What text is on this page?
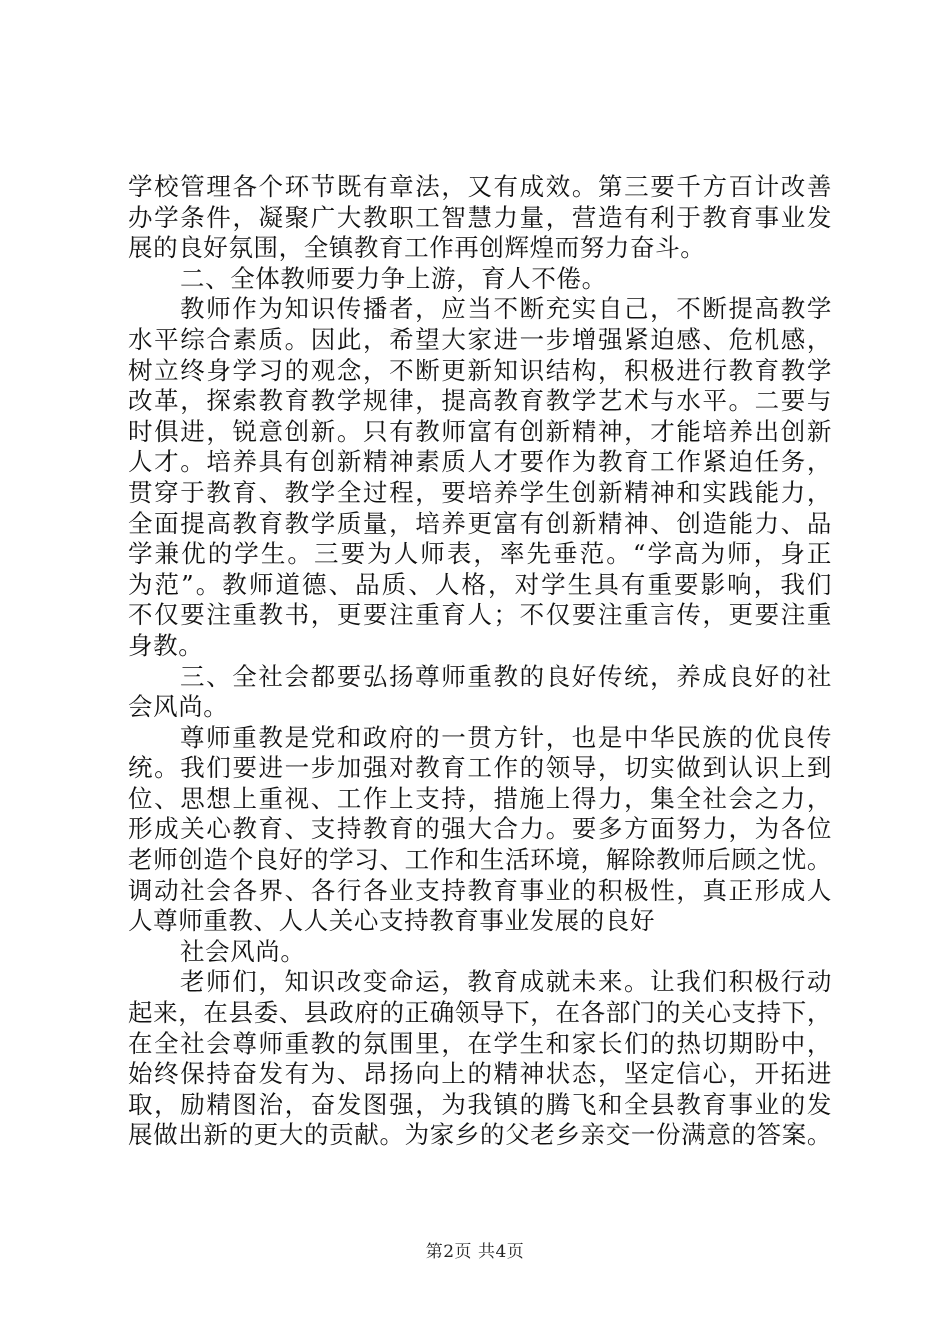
学校管理各个环节既有章法，又有成效。第三要千方百计改善
办学条件，凝聚广大教职工智慧力量，营造有利于教育事业发
展的良好氛围，全镇教育工作再创辉煌而努力奋斗。
二、全体教师要力争上游，育人不倦。
教师作为知识传播者，应当不断充实自己，不断提高教学
水平综合素质。因此，希望大家进一步增强紧迫感、危机感，
树立终身学习的观念，不断更新知识结构，积极进行教育教学
改革，探索教育教学规律，提高教育教学艺术与水平。二要与
时俱进，锐意创新。只有教师富有创新精神，才能培养出创新
人才。培养具有创新精神素质人才要作为教育工作紧迫任务，
贯穿于教育、教学全过程，要培养学生创新精神和实践能力，
全面提高教育教学质量，培养更富有创新精神、创造能力、品
学兼优的学生。三要为人师表，率先垂范。“学高为师，身正
为范”。教师道德、品质、人格，对学生具有重要影响，我们
不仅要注重教书，更要注重育人；不仅要注重言传，更要注重
身教。
三、全社会都要弘扬尊师重教的良好传统，养成良好的社
会风尚。
尊师重教是党和政府的一贯方针，也是中华民族的优良传
统。我们要进一步加强对教育工作的领导，切实做到认识上到
位、思想上重视、工作上支持，措施上得力，集全社会之力，
形成关心教育、支持教育的强大合力。要多方面努力，为各位
老师创造个良好的学习、工作和生活环境，解除教师后顾之忧。
调动社会各界、各行各业支持教育事业的积极性，真正形成人
人尊师重教、人人关心支持教育事业发展的良好
社会风尚。
老师们，知识改变命运，教育成就未来。让我们积极行动
起来，在县委、县政府的正确领导下，在各部门的关心支持下，
在全社会尊师重教的氛围里，在学生和家长们的热切期盼中，
始终保持奋发有为、昂扬向上的精神状态，坚定信心，开拓进
取，励精图治，奋发图强，为我镇的腾飞和全县教育事业的发
展做出新的更大的贡献。为家乡的父老乡亲交一份满意的答案。
第2页 共4页
